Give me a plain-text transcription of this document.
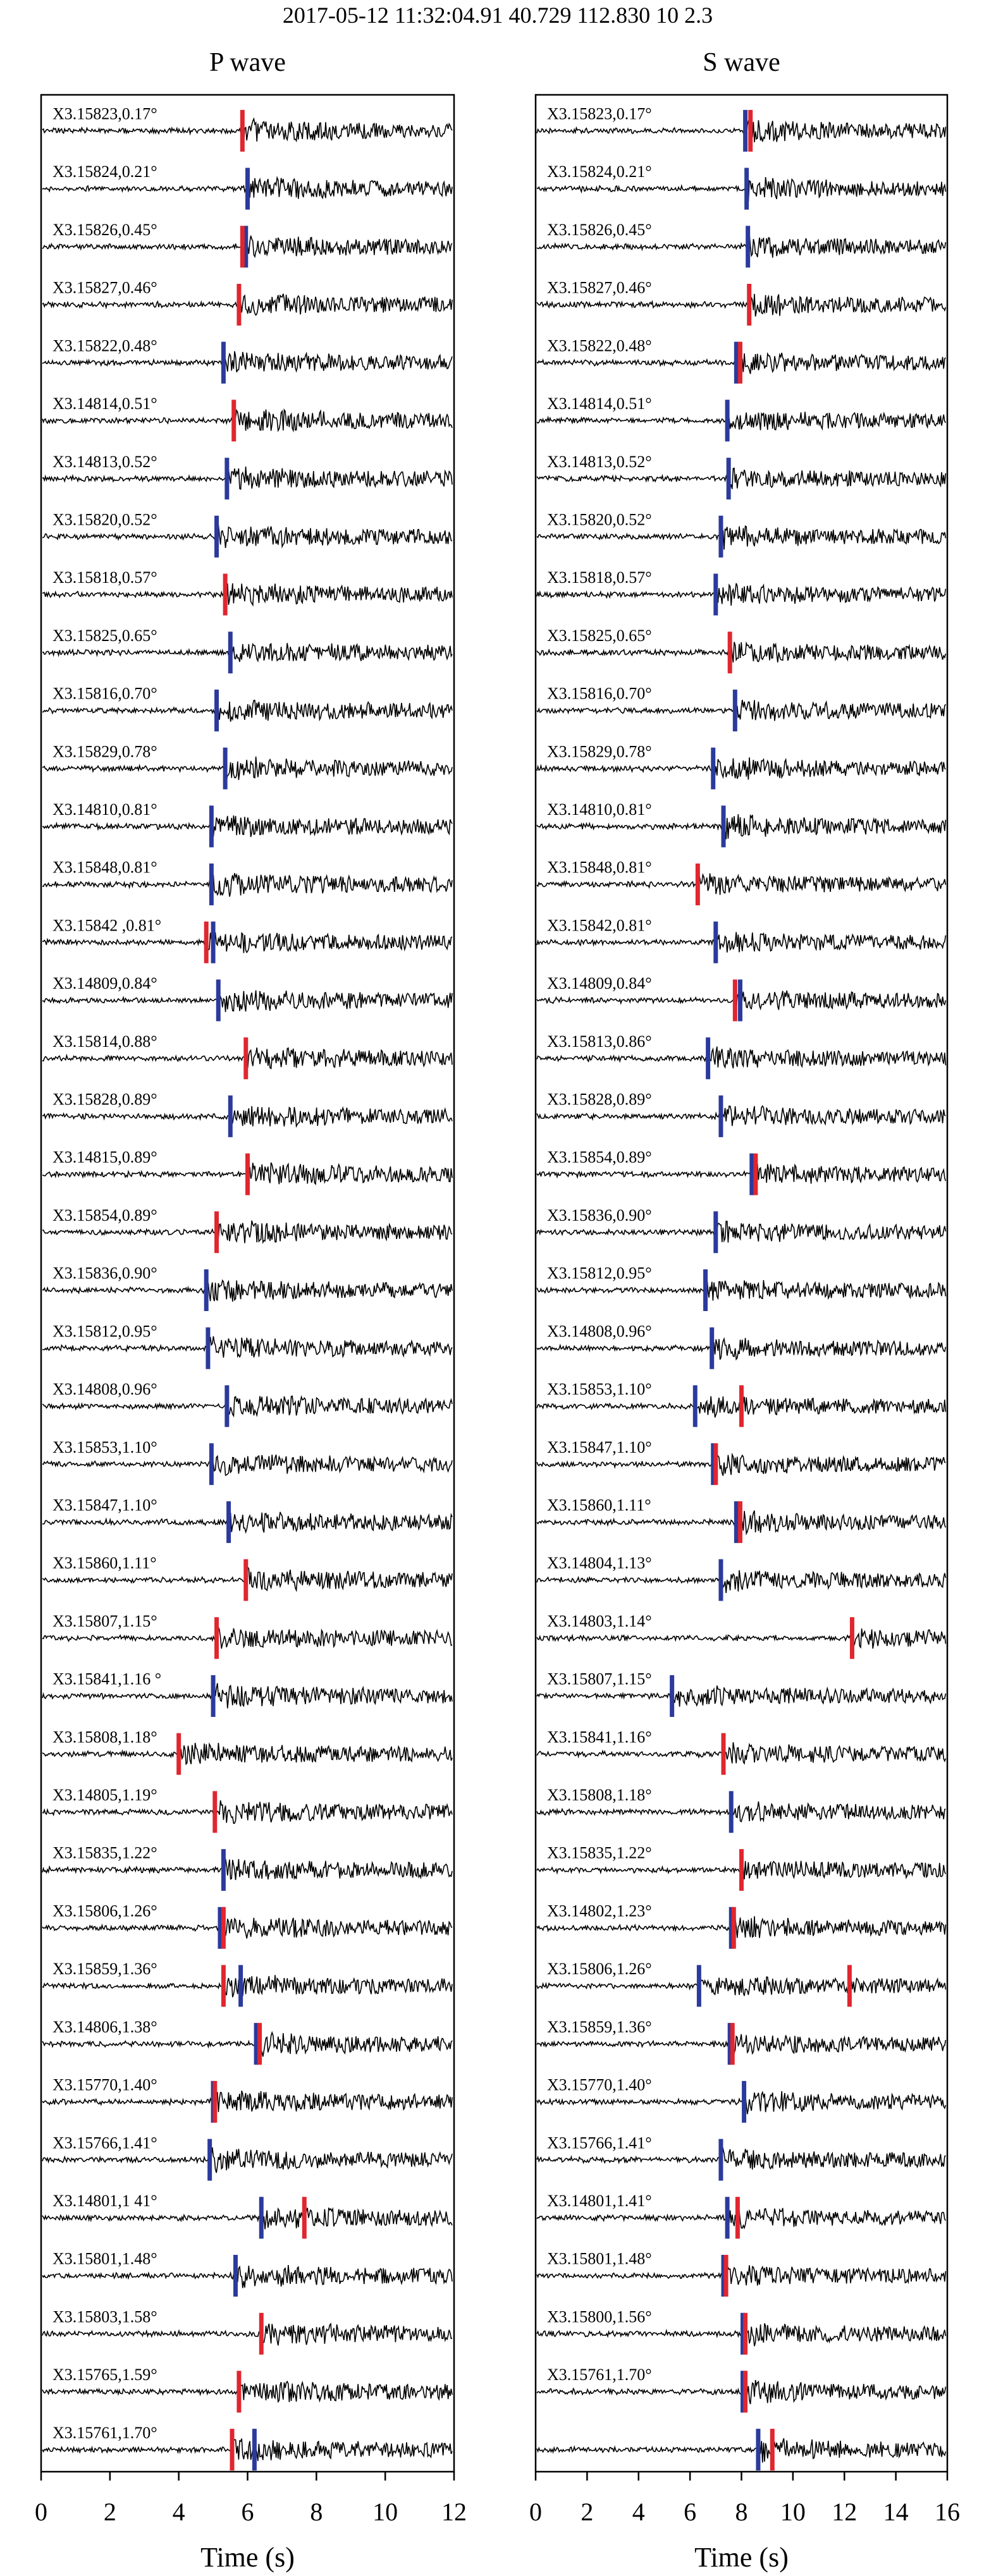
2017-05-12 11:32:04.91 40.729 112.830 10 2.3
P wave
X3.15823,0.17°
X3.15824,0.21°
X3.15826,0.45°
X3.15827,0.46°
X3.15822,0.48°
X3.14814,0.51°
X3.14813,0.52°
X3.15820,0.52°
X3.15818,0.57°
X3.15825,0.65°
X3.15816,0.70°
X3.15829,0.78°
X3.14810,0.81°
X3.15848,0.81°
X3.15842 ,0.81°
X3.14809,0.84°
X3.15814,0.88°
X3.15828,0.89°
X3.14815,0.89°
X3.15854,0.89°
X3.15836,0.90°
X3.15812,0.95°
X3.14808,0.96°
X3.15853,1.10°
X3.15847,1.10°
X3.15860,1.11°
X3.15807,1.15°
X3.15841,1.16 °
X3.15808,1.18°
X3.14805,1.19°
X3.15835,1.22°
X3.15806,1.26°
X3.15859,1.36°
X3.14806,1.38°
X3.15770,1.40°
X3.15766,1.41°
X3.14801,1 41°
X3.15801,1.48°
X3.15803,1.58°
X3.15765,1.59°
X3.15761,1.70°
0 2 4 6 8 10 12
Time (s)
S wave
X3.15823,0.17°
X3.15824,0.21°
X3.15826,0.45°
X3.15827,0.46°
X3.15822,0.48°
X3.14814,0.51°
X3.14813,0.52°
X3.15820,0.52°
X3.15818,0.57°
X3.15825,0.65°
X3.15816,0.70°
X3.15829,0.78°
X3.14810,0.81°
X3.15848,0.81°
X3.15842,0.81°
X3.14809,0.84°
X3.15813,0.86°
X3.15828,0.89°
X3.15854,0.89°
X3.15836,0.90°
X3.15812,0.95°
X3.14808,0.96°
X3.15853,1.10°
X3.15847,1.10°
X3.15860,1.11°
X3.14804,1.13°
X3.14803,1.14°
X3.15807,1.15°
X3.15841,1.16°
X3.15808,1.18°
X3.15835,1.22°
X3.14802,1.23°
X3.15806,1.26°
X3.15859,1.36°
X3.15770,1.40°
X3.15766,1.41°
X3.14801,1.41°
X3.15801,1.48°
X3.15800,1.56°
X3.15761,1.70°
0 2 4 6 8 10 12 14 16
Time (s)
